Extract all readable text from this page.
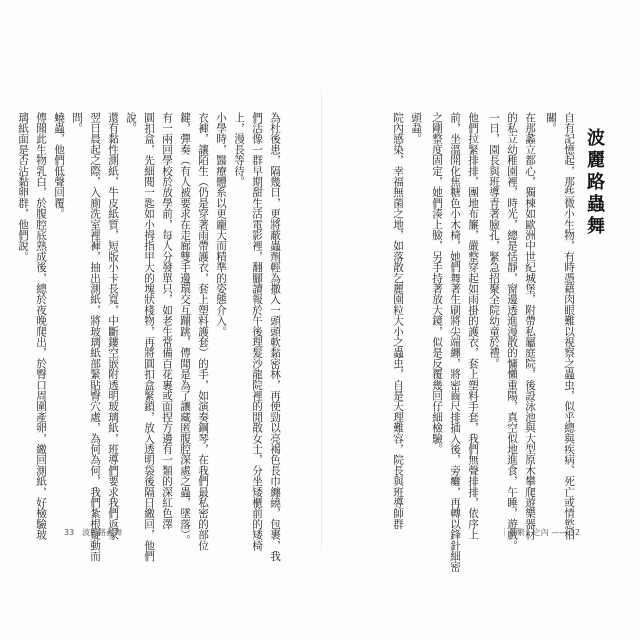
為杜後患，隔幾日，更將蔽蟲劑輕為撒入一頭頭軟黏密林，再使勁以亮褐色長巾纏繞，包裹，我
們活像一群早期甜生活電影裡，翻腳讀報於午後理髮沙龍院裡的閒散女士，分坐矮櫃前的矮椅
上，漫長等待。
小學時，醫療體系以更龐大而精準的姿態介入。
衣褲，讓陌生（仍是穿著雨帶護衣，套上塑料護套）的手，如演奏鋼琴，在我們最私密的部位
鍵，彈奏（有人被要求在走廊雙手邊環交互蹦跳，傳聞是為了讓藏匿腹腔深處之蟲，墜落）。
有一兩回學校於放學前，每人分發單只，如老生常備百花裹或面捏方邊有一類的深紅色澤
圓扣盒，先細閱一匙如小拇指甲大的塊狀棧物，再將圓扣盒緊鎖，放入透明袋後隔日繳回，他們
說。
還有黏性測紙，牛皮紙質，短版小卡長寬，中斷鏤空嵌附透明玻璃紙，班導們要求我們返家
翌日晨起之際，入廁洗室裡褲，抽出測紙，將玻璃紙部緊貼臀穴處，為何為何，我們紮根疑動而
問。
蟯蟲，他們低聲回覆。
傳聞此生物乳白，於腹腔底熟成後，總於夜晚爬出，於臀口周圍產卵，繳回測紙，好檢驗玻
璃紙面是否沾黏卵群，他們說。
33　波麗路蟲舞	自有記憶起，那些微小生物，有時憑藉肉眼難以視察之蟲虫，似乎總與疾病、死亡或情慾相
關。
在那蠡立都心，獨棟如歐洲中世紀城堡，附帶私屬庭院，後設泳池與大型原木攀爬遊樂器材
的私立幼稚園裡，時光，總是恬靜，窗邊透進漫散的慵懶重陽，真空似地進食，午睡，遊戲。
一日，園長與班導青著臉孔，緊急招聚全院幼童於禮。
他們拉緊排排，團地布簾，嚴整穿起如雨掛的護衣，套上塑料手套，我們無聲排排，依序上
前，坐溫開化焦糖色小木椅，她們舞著生刷將尖端纏，將密齒尺排插入後，旁癱，再轉以鋒針細密
之剛整度固定，她們湊上臉，另手持著放大鏡，似是反覆幾回仔細檢驗。
頭蝨。
院內感染，幸福無菌之地，如落散乞麗園粒大小之蟲虫，自是天理難容，院長與班導師群
｜蔓繁：之內 —— 32
波麗路蟲舞
